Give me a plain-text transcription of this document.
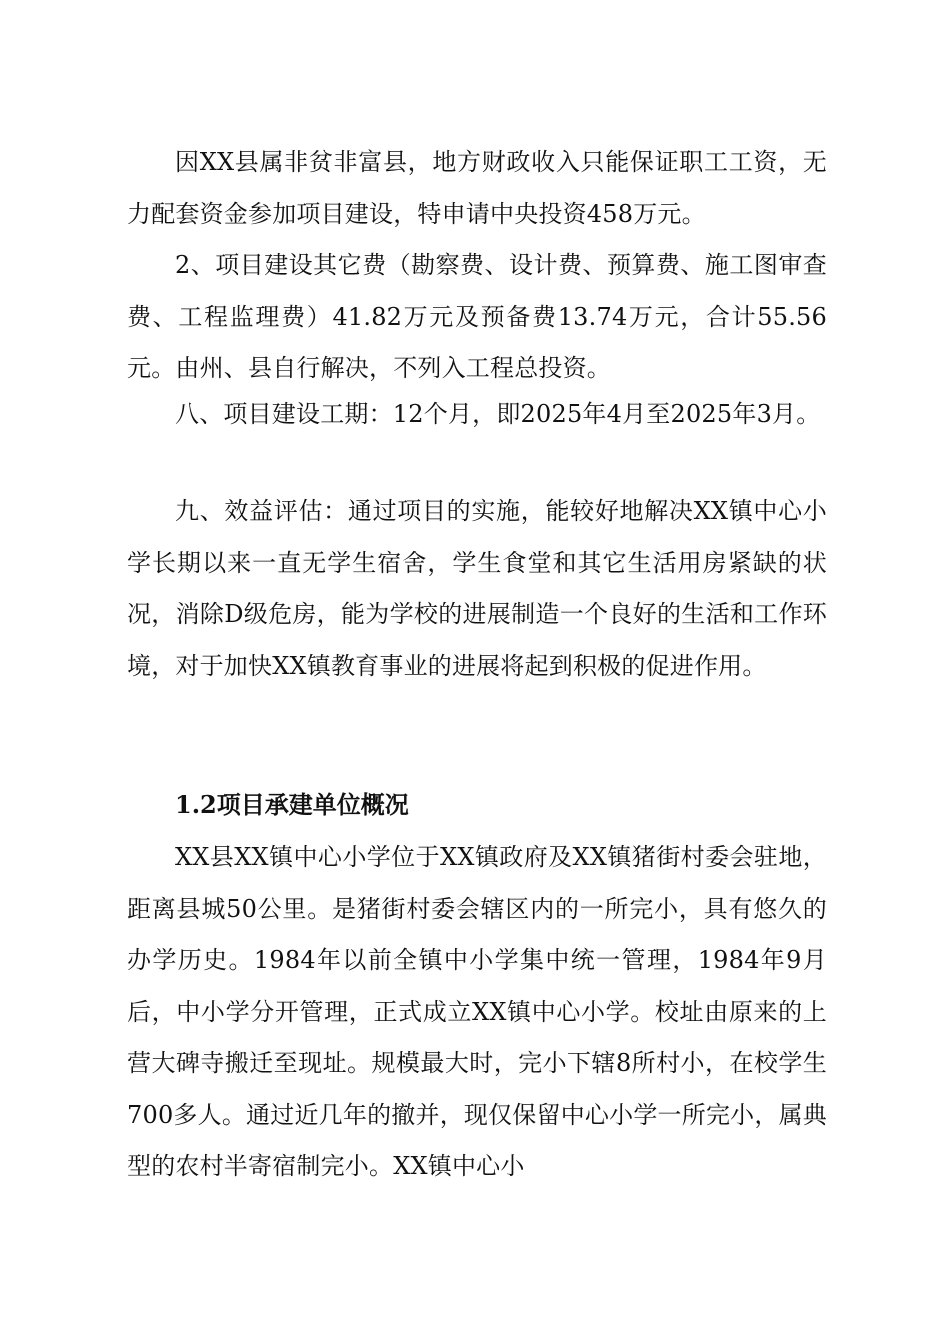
因XX县属非贫非富县，地方财政收入只能保证职工工资，无力配套资金参加项目建设，特申请中央投资458万元。

2、项目建设其它费（勘察费、设计费、预算费、施工图审查费、工程监理费）41.82万元及预备费13.74万元，合计55.56元。由州、县自行解决，不列入工程总投资。

八、项目建设工期：12个月，即2025年4月至2025年3月。

九、效益评估：通过项目的实施，能较好地解决XX镇中心小学长期以来一直无学生宿舍，学生食堂和其它生活用房紧缺的状况，消除D级危房，能为学校的进展制造一个良好的生活和工作环境，对于加快XX镇教育事业的进展将起到积极的促进作用。

1.2项目承建单位概况

XX县XX镇中心小学位于XX镇政府及XX镇猪街村委会驻地，距离县城50公里。是猪街村委会辖区内的一所完小，具有悠久的办学历史。1984年以前全镇中小学集中统一管理，1984年9月后，中小学分开管理，正式成立XX镇中心小学。校址由原来的上营大碑寺搬迁至现址。规模最大时，完小下辖8所村小，在校学生700多人。通过近几年的撤并，现仅保留中心小学一所完小，属典型的农村半寄宿制完小。XX镇中心小
